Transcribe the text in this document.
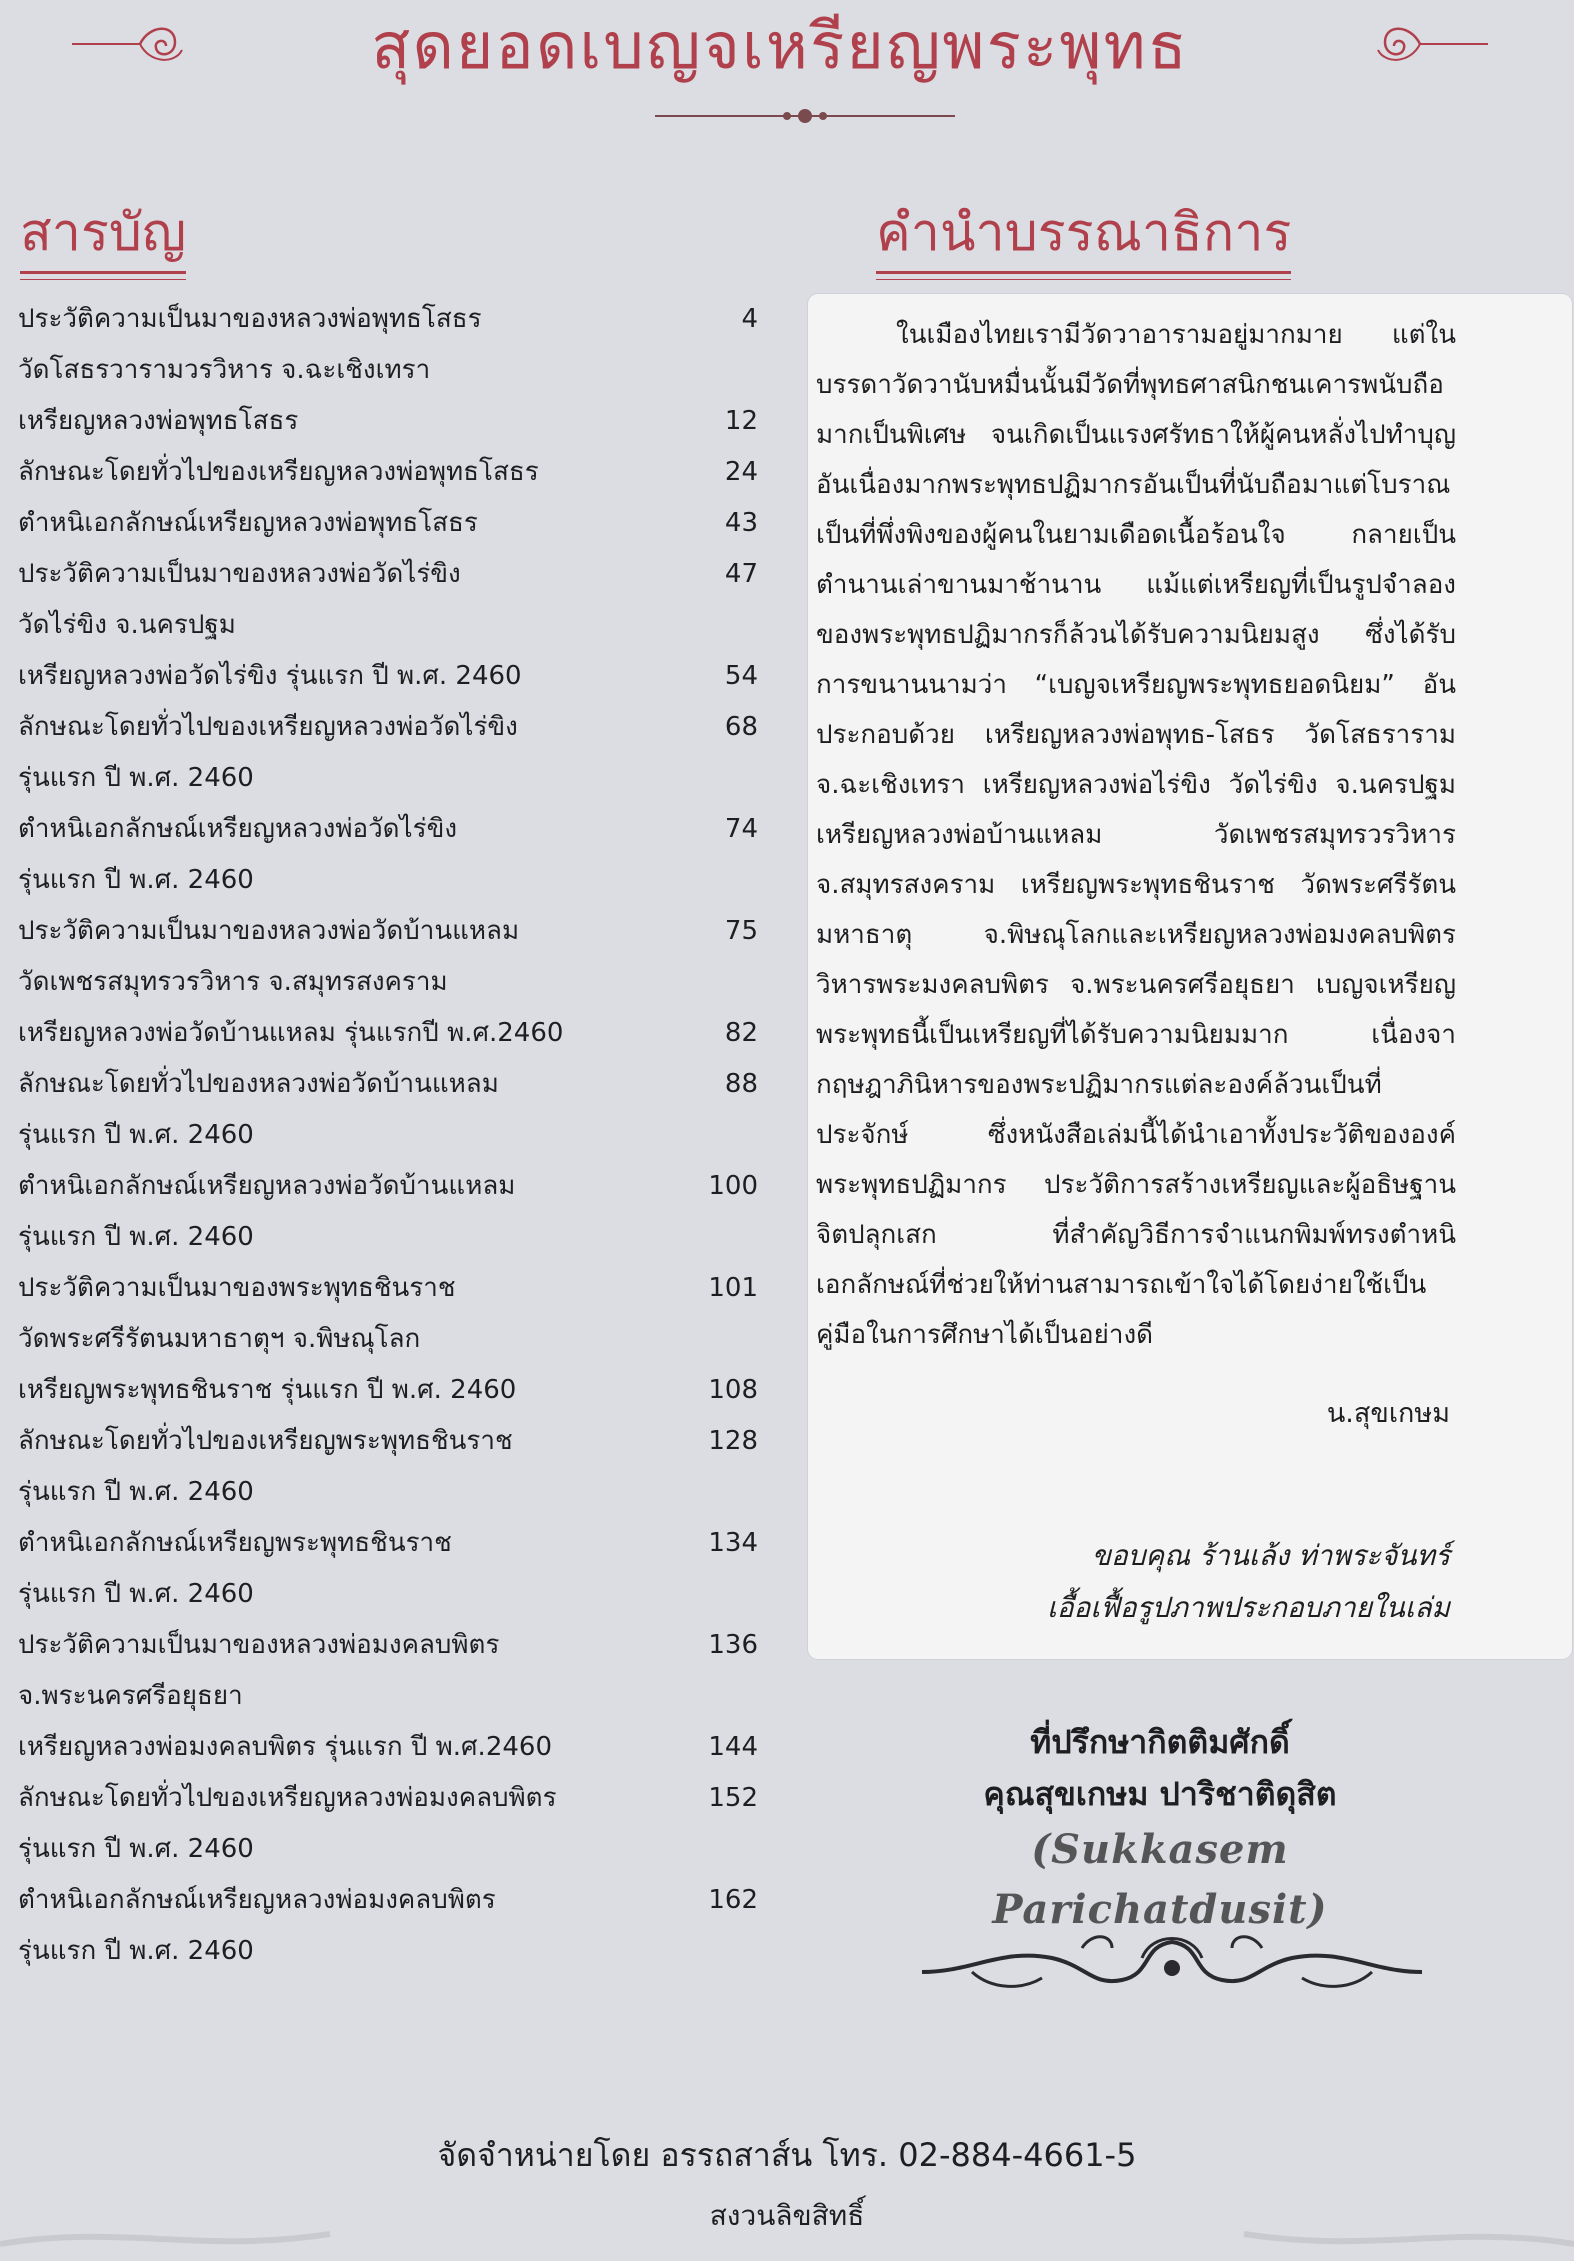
สุดยอดเบญจเหรียญพระพุทธ
สารบัญ	คำนำบรรณาธิการ
ประวัติความเป็นมาของหลวงพ่อพุทธโสธร	4
วัดโสธรวารามวรวิหาร จ.ฉะเชิงเทรา
เหรียญหลวงพ่อพุทธโสธร	12
ลักษณะโดยทั่วไปของเหรียญหลวงพ่อพุทธโสธร	24
ตำหนิเอกลักษณ์เหรียญหลวงพ่อพุทธโสธร	43
ประวัติความเป็นมาของหลวงพ่อวัดไร่ขิง	47
วัดไร่ขิง จ.นครปฐม
เหรียญหลวงพ่อวัดไร่ขิง รุ่นแรก ปี พ.ศ. 2460	54
ลักษณะโดยทั่วไปของเหรียญหลวงพ่อวัดไร่ขิง	68
รุ่นแรก ปี พ.ศ. 2460
ตำหนิเอกลักษณ์เหรียญหลวงพ่อวัดไร่ขิง	74
รุ่นแรก ปี พ.ศ. 2460
ประวัติความเป็นมาของหลวงพ่อวัดบ้านแหลม	75
วัดเพชรสมุทรวรวิหาร จ.สมุทรสงคราม
เหรียญหลวงพ่อวัดบ้านแหลม รุ่นแรกปี พ.ศ.2460	82
ลักษณะโดยทั่วไปของหลวงพ่อวัดบ้านแหลม	88
รุ่นแรก ปี พ.ศ. 2460
ตำหนิเอกลักษณ์เหรียญหลวงพ่อวัดบ้านแหลม	100
รุ่นแรก ปี พ.ศ. 2460
ประวัติความเป็นมาของพระพุทธชินราช	101
วัดพระศรีรัตนมหาธาตุฯ จ.พิษณุโลก
เหรียญพระพุทธชินราช รุ่นแรก ปี พ.ศ. 2460	108
ลักษณะโดยทั่วไปของเหรียญพระพุทธชินราช	128
รุ่นแรก ปี พ.ศ. 2460
ตำหนิเอกลักษณ์เหรียญพระพุทธชินราช	134
รุ่นแรก ปี พ.ศ. 2460
ประวัติความเป็นมาของหลวงพ่อมงคลบพิตร	136
จ.พระนครศรีอยุธยา
เหรียญหลวงพ่อมงคลบพิตร รุ่นแรก ปี พ.ศ.2460	144
ลักษณะโดยทั่วไปของเหรียญหลวงพ่อมงคลบพิตร	152
รุ่นแรก ปี พ.ศ. 2460
ตำหนิเอกลักษณ์เหรียญหลวงพ่อมงคลบพิตร	162
รุ่นแรก ปี พ.ศ. 2460
ในเมืองไทยเรามีวัดวาอารามอยู่มากมาย แต่ในบรรดาวัดวานับหมื่นนั้นมีวัดที่พุทธศาสนิกชนเคารพนับถือมากเป็นพิเศษ จนเกิดเป็นแรงศรัทธาให้ผู้คนหลั่งไปทำบุญ อันเนื่องมากพระพุทธปฏิมากรอันเป็นที่นับถือมาแต่โบราณ เป็นที่พึ่งพิงของผู้คนในยามเดือดเนื้อร้อนใจ กลายเป็นตำนานเล่าขานมาช้านาน แม้แต่เหรียญที่เป็นรูปจำลองของพระพุทธปฏิมากรก็ล้วนได้รับความนิยมสูง ซึ่งได้รับการขนานนามว่า “เบญจเหรียญพระพุทธยอดนิยม” อันประกอบด้วย เหรียญหลวงพ่อพุทธ-โสธร วัดโสธราราม จ.ฉะเชิงเทรา เหรียญหลวงพ่อไร่ขิง วัดไร่ขิง จ.นครปฐม เหรียญหลวงพ่อบ้านแหลม วัดเพชรสมุทรวรวิหาร จ.สมุทรสงคราม เหรียญพระพุทธชินราช วัดพระศรีรัตนมหาธาตุ จ.พิษณุโลกและเหรียญหลวงพ่อมงคลบพิตร วิหารพระมงคลบพิตร จ.พระนครศรีอยุธยา เบญจเหรียญพระพุทธนี้เป็นเหรียญที่ได้รับความนิยมมาก เนื่องจากฤษฎาภินิหารของพระปฏิมากรแต่ละองค์ล้วนเป็นที่ประจักษ์ ซึ่งหนังสือเล่มนี้ได้นำเอาทั้งประวัติขององค์พระพุทธปฏิมากร ประวัติการสร้างเหรียญและผู้อธิษฐานจิตปลุกเสก ที่สำคัญวิธีการจำแนกพิมพ์ทรงตำหนิเอกลักษณ์ที่ช่วยให้ท่านสามารถเข้าใจได้โดยง่ายใช้เป็นคู่มือในการศึกษาได้เป็นอย่างดี
น.สุขเกษม
ขอบคุณ ร้านเล้ง ท่าพระจันทร์
เอื้อเฟื้อรูปภาพประกอบภายในเล่ม
ที่ปรึกษากิตติมศักดิ์
คุณสุขเกษม ปาริชาติดุสิต
(Sukkasem Parichatdusit)
จัดจำหน่ายโดย อรรถสาส์น โทร. 02-884-4661-5
สงวนลิขสิทธิ์
